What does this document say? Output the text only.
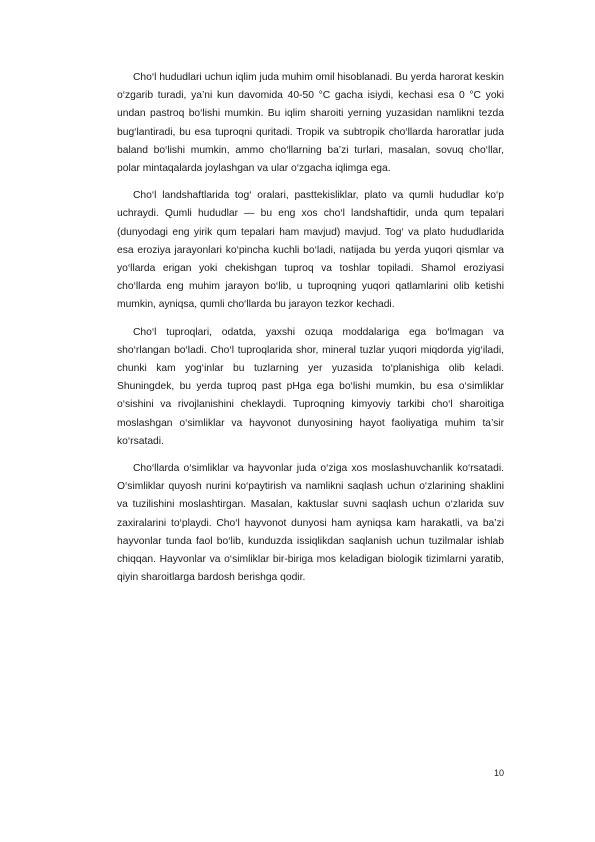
Cho‘l hududlari uchun iqlim juda muhim omil hisoblanadi. Bu yerda harorat keskin o‘zgarib turadi, ya’ni kun davomida 40-50 °C gacha isiydi, kechasi esa 0 °C yoki undan pastroq bo‘lishi mumkin. Bu iqlim sharoiti yerning yuzasidan namlikni tezda bug‘lantiradi, bu esa tuproqni quritadi. Tropik va subtropik cho‘llarda haroratlar juda baland bo‘lishi mumkin, ammo cho‘llarning ba’zi turlari, masalan, sovuq cho‘llar, polar mintaqalarda joylashgan va ular o‘zgacha iqlimga ega.

Cho‘l landshaftlarida tog‘ oralari, pasttekisliklar, plato va qumli hududlar ko‘p uchraydi. Qumli hududlar — bu eng xos cho‘l landshaftidir, unda qum tepalari (dunyodagi eng yirik qum tepalari ham mavjud) mavjud. Tog‘ va plato hududlarida esa eroziya jarayonlari ko‘pincha kuchli bo‘ladi, natijada bu yerda yuqori qismlar va yo‘llarda erigan yoki chekishgan tuproq va toshlar topiladi. Shamol eroziyasi cho‘llarda eng muhim jarayon bo‘lib, u tuproqning yuqori qatlamlarini olib ketishi mumkin, ayniqsa, qumli cho‘llarda bu jarayon tezkor kechadi.

Cho‘l tuproqlari, odatda, yaxshi ozuqa moddalariga ega bo‘lmagan va sho‘rlangan bo‘ladi. Cho‘l tuproqlarida shor, mineral tuzlar yuqori miqdorda yig‘iladi, chunki kam yog‘inlar bu tuzlarning yer yuzasida to‘planishiga olib keladi. Shuningdek, bu yerda tuproq past pHga ega bo‘lishi mumkin, bu esa o‘simliklar o‘sishini va rivojlanishini cheklaydi. Tuproqning kimyoviy tarkibi cho‘l sharoitiga moslashgan o‘simliklar va hayvonot dunyosining hayot faoliyatiga muhim ta’sir ko‘rsatadi.

Cho‘llarda o‘simliklar va hayvonlar juda o‘ziga xos moslashuvchanlik ko‘rsatadi. O‘simliklar quyosh nurini ko‘paytirish va namlikni saqlash uchun o‘zlarining shaklini va tuzilishini moslashtirgan. Masalan, kaktuslar suvni saqlash uchun o‘zlarida suv zaxiralarini to‘playdi. Cho‘l hayvonot dunyosi ham ayniqsa kam harakatli, va ba’zi hayvonlar tunda faol bo‘lib, kunduzda issiqlikdan saqlanish uchun tuzilmalar ishlab chiqqan. Hayvonlar va o‘simliklar bir-biriga mos keladigan biologik tizimlarni yaratib, qiyin sharoitlarga bardosh berishga qodir.

10
